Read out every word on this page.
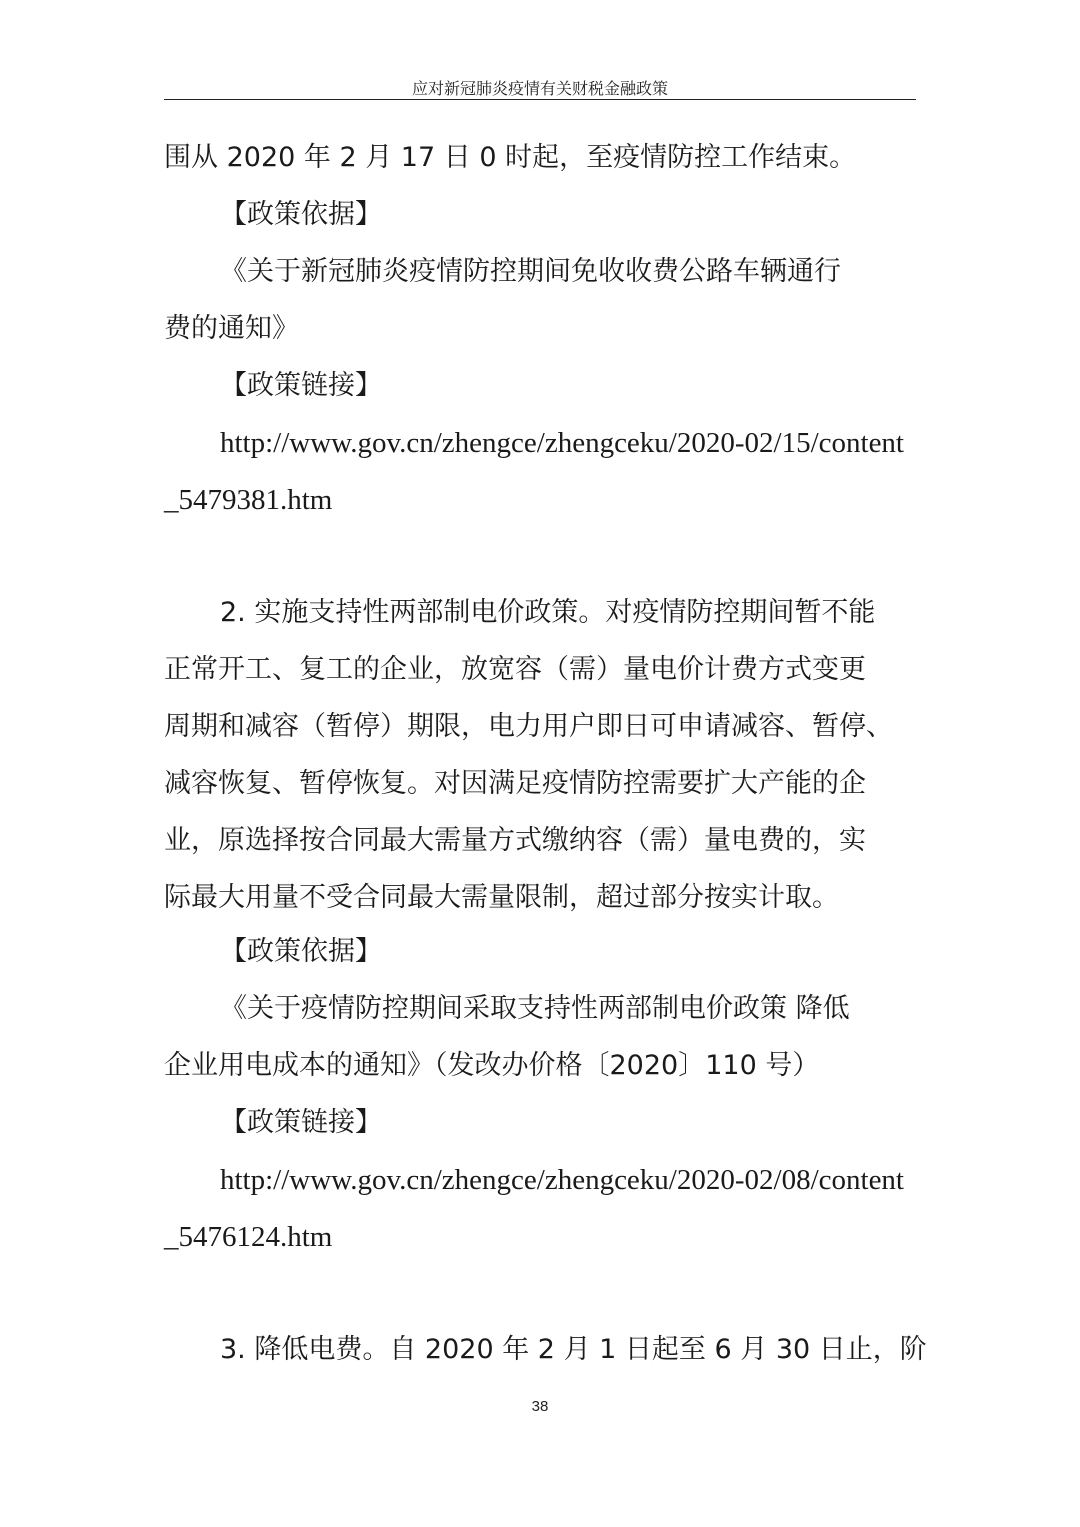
应对新冠肺炎疫情有关财税金融政策
围从 2020 年 2 月 17 日 0 时起，至疫情防控工作结束。
【政策依据】
《关于新冠肺炎疫情防控期间免收收费公路车辆通行
费的通知》
【政策链接】
http://www.gov.cn/zhengce/zhengceku/2020-02/15/content
_5479381.htm
2. 实施支持性两部制电价政策。对疫情防控期间暂不能
正常开工、复工的企业，放宽容（需）量电价计费方式变更
周期和减容（暂停）期限，电力用户即日可申请减容、暂停、
减容恢复、暂停恢复。对因满足疫情防控需要扩大产能的企
业，原选择按合同最大需量方式缴纳容（需）量电费的，实
际最大用量不受合同最大需量限制，超过部分按实计取。
【政策依据】
《关于疫情防控期间采取支持性两部制电价政策 降低
企业用电成本的通知》（发改办价格〔2020〕110 号）
【政策链接】
http://www.gov.cn/zhengce/zhengceku/2020-02/08/content
_5476124.htm
3. 降低电费。自 2020 年 2 月 1 日起至 6 月 30 日止，阶
38
